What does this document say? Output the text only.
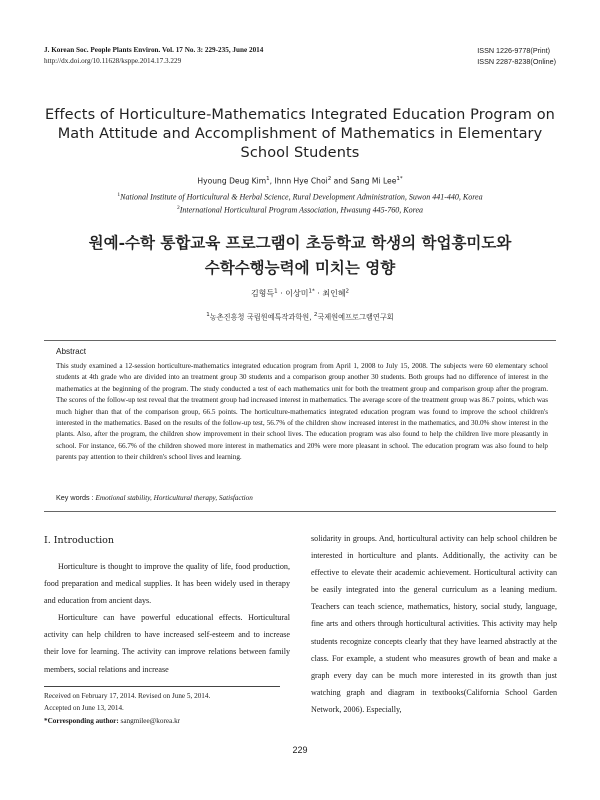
J. Korean Soc. People Plants Environ. Vol. 17 No. 3: 229-235, June 2014
http://dx.doi.org/10.11628/ksppe.2014.17.3.229
ISSN 1226-9778(Print)
ISSN 2287-8238(Online)
Effects of Horticulture-Mathematics Integrated Education Program on
Math Attitude and Accomplishment of Mathematics in Elementary
School Students
Hyoung Deug Kim$^1$, Ihnn Hye Choi$^2$ and Sang Mi Lee$^{1*}$
$^1$National Institute of Horticultural & Herbal Science, Rural Development Administration, Suwon 441-440, Korea
$^2$International Horticultural Program Association, Hwasung 445-760, Korea
원예-수학 통합교육 프로그램이 초등학교 학생의 학업흥미도와
수학수행능력에 미치는 영향
김형득$^1$ · 이상미$^{1*}$ · 최인혜$^2$
$^1$농촌진흥청 국립원예특작과학원, $^2$국제원예프로그램연구회
Abstract
This study examined a 12-session horticulture-mathematics integrated education program from April 1, 2008 to July 15, 2008. The subjects were 60 elementary school students at 4th grade who are divided into an treatment group 30 students and a comparison group another 30 students. Both groups had no difference of interest in the mathematics at the beginning of the program. The study conducted a test of each mathematics unit for both the treatment group and comparison group after the program. The scores of the follow-up test reveal that the treatment group had increased interest in mathematics. The average score of the treatment group was 86.7 points, which was much higher than that of the comparison group, 66.5 points. The horticulture-mathematics integrated education program was found to improve the school children's interested in the mathematics. Based on the results of the follow-up test, 56.7% of the children show increased interest in the mathematics, and 30.0% show interest in the plants. Also, after the program, the children show improvement in their school lives. The education program was also found to help the children live more pleasantly in school. For instance, 66.7% of the children showed more interest in mathematics and 20% were more pleasant in school. The education program was also found to help parents pay attention to their children's school lives and learning.
Key words : Emotional stability, Horticultural therapy, Satisfaction
Ⅰ. Introduction

Horticulture is thought to improve the quality of life, food production, food preparation and medical supplies. It has been widely used in therapy and education from ancient days.

Horticulture can have powerful educational effects. Horticultural activity can help children to have increased self-esteem and to increase their love for learning. The activity can improve relations between family members, social relations and increase

solidarity in groups. And, horticultural activity can help school children be interested in horticulture and plants. Additionally, the activity can be effective to elevate their academic achievement. Horticultural activity can be easily integrated into the general curriculum as a leaning medium. Teachers can teach science, mathematics, history, social study, language, fine arts and others through horticultural activities. This activity may help students recognize concepts clearly that they have learned abstractly at the class. For example, a student who measures growth of bean and make a graph every day can be much more interested in its growth than just watching graph and diagram in textbooks(California School Garden Network, 2006). Especially,

Received on February 17, 2014. Revised on June 5, 2014.
Accepted on June 13, 2014.
*Corresponding author: sangmilee@korea.kr
229
